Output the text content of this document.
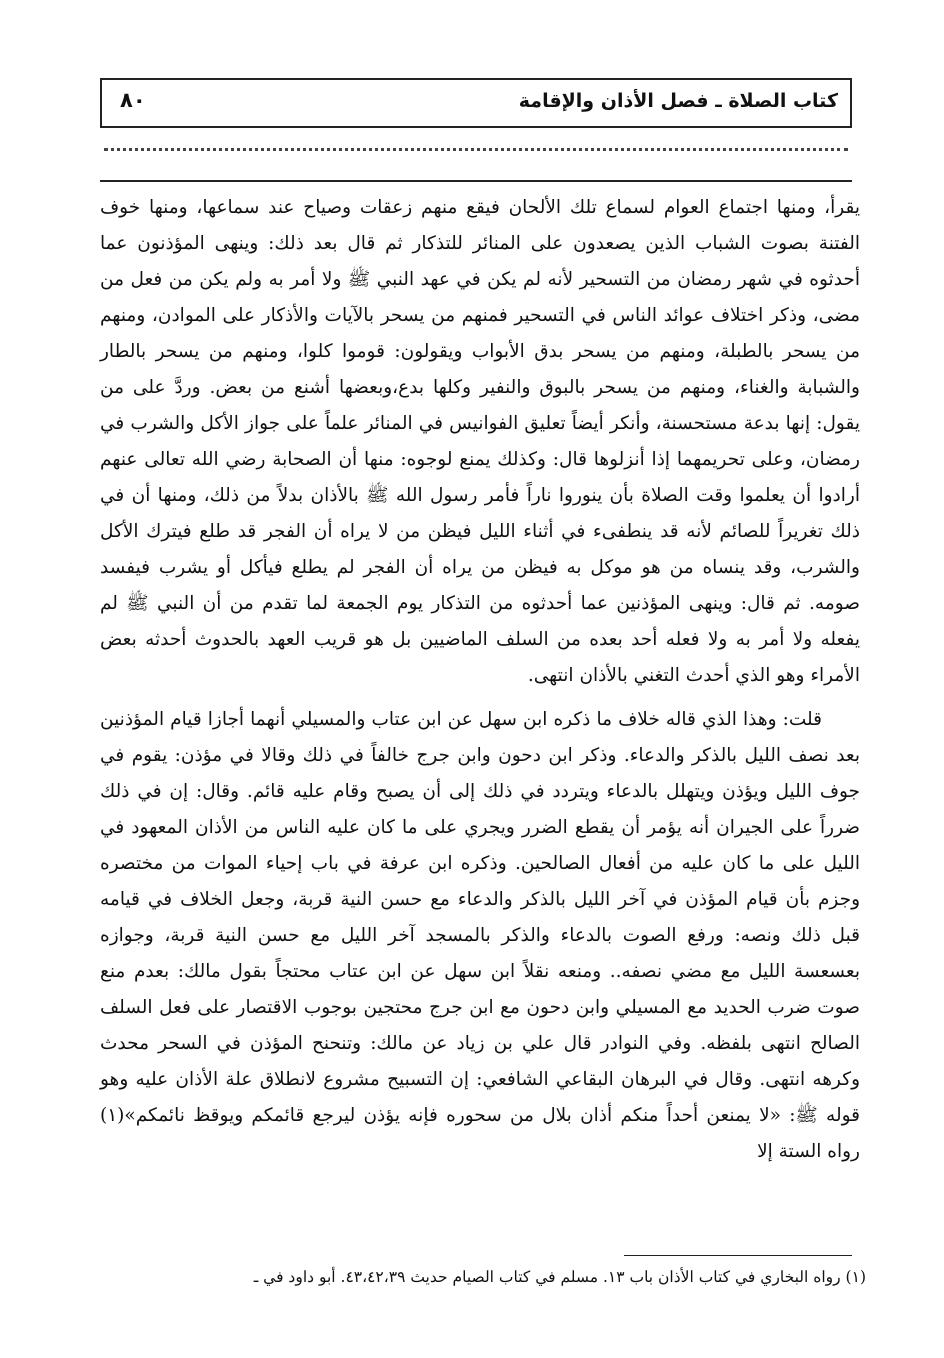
كتاب الصلاة ـ فصل الأذان والإقامة
٨٠

يقرأ، ومنها اجتماع العوام لسماع تلك الألحان فيقع منهم زعقات وصياح عند سماعها، ومنها خوف الفتنة بصوت الشباب الذين يصعدون على المنائر للتذكار ثم قال بعد ذلك: وينهى المؤذنون عما أحدثوه في شهر رمضان من التسحير لأنه لم يكن في عهد النبي ﷺ ولا أمر به ولم يكن من فعل من مضى، وذكر اختلاف عوائد الناس في التسحير فمنهم من يسحر بالآيات والأذكار على الموادن، ومنهم من يسحر بالطبلة، ومنهم من يسحر بدق الأبواب ويقولون: قوموا كلوا، ومنهم من يسحر بالطار والشبابة والغناء، ومنهم من يسحر بالبوق والنفير وكلها بدع،وبعضها أشنع من بعض. وردَّ على من يقول: إنها بدعة مستحسنة، وأنكر أيضاً تعليق الفوانيس في المنائر علماً على جواز الأكل والشرب في رمضان، وعلى تحريمهما إذا أنزلوها قال: وكذلك يمنع لوجوه: منها أن الصحابة رضي الله تعالى عنهم أرادوا أن يعلموا وقت الصلاة بأن ينوروا ناراً فأمر رسول الله ﷺ بالأذان بدلاً من ذلك، ومنها أن في ذلك تغريراً للصائم لأنه قد ينطفىء في أثناء الليل فيظن من لا يراه أن الفجر قد طلع فيترك الأكل والشرب، وقد ينساه من هو موكل به فيظن من يراه أن الفجر لم يطلع فيأكل أو يشرب فيفسد صومه. ثم قال: وينهى المؤذنين عما أحدثوه من التذكار يوم الجمعة لما تقدم من أن النبي ﷺ لم يفعله ولا أمر به ولا فعله أحد بعده من السلف الماضيين بل هو قريب العهد بالحدوث أحدثه بعض الأمراء وهو الذي أحدث التغني بالأذان انتهى.

قلت: وهذا الذي قاله خلاف ما ذكره ابن سهل عن ابن عتاب والمسيلي أنهما أجازا قيام المؤذنين بعد نصف الليل بالذكر والدعاء. وذكر ابن دحون وابن جرج خالفاً في ذلك وقالا في مؤذن: يقوم في جوف الليل ويؤذن ويتهلل بالدعاء ويتردد في ذلك إلى أن يصبح وقام عليه قائم. وقال: إن في ذلك ضرراً على الجيران أنه يؤمر أن يقطع الضرر ويجري على ما كان عليه الناس من الأذان المعهود في الليل على ما كان عليه من أفعال الصالحين. وذكره ابن عرفة في باب إحياء الموات من مختصره وجزم بأن قيام المؤذن في آخر الليل بالذكر والدعاء مع حسن النية قربة، وجعل الخلاف في قيامه قبل ذلك ونصه: ورفع الصوت بالدعاء والذكر بالمسجد آخر الليل مع حسن النية قربة، وجوازه بعسعسة الليل مع مضي نصفه.. ومنعه نقلاً ابن سهل عن ابن عتاب محتجاً بقول مالك: بعدم منع صوت ضرب الحديد مع المسيلي وابن دحون مع ابن جرج محتجين بوجوب الاقتصار على فعل السلف الصالح انتهى بلفظه. وفي النوادر قال علي بن زياد عن مالك: وتنحنح المؤذن في السحر محدث وكرهه انتهى. وقال في البرهان البقاعي الشافعي: إن التسبيح مشروع لانطلاق علة الأذان عليه وهو قوله ﷺ: «لا يمنعن أحداً منكم أذان بلال من سحوره فإنه يؤذن ليرجع قائمكم ويوقظ نائمكم»(١) رواه الستة إلا

(١) رواه البخاري في كتاب الأذان باب ١٣. مسلم في كتاب الصيام حديث ٤٣،٤٢،٣٩. أبو داود في ـ
